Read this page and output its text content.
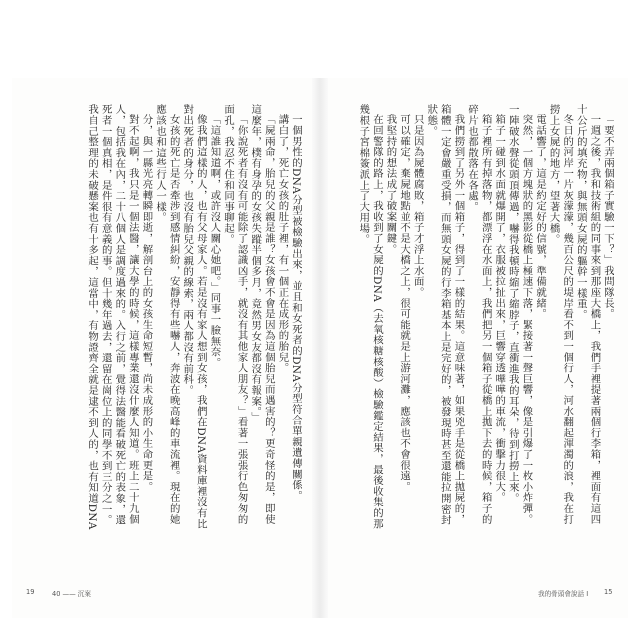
一個男性的DNA分型被檢驗出來，並且和女死者的DNA分型符合單親遺傳關係。

講白了，死亡女孩的肚子裡，有一個正在成形的胎兒。

「屍兩命，胎兒的父親是誰？女孩會不會是因為這個胎兒而遇害的？更奇怪的是，即使這麼年，樸有身孕的女孩失蹤半個多月，竟然男女友都沒有報案。」

「你說死者有沒有可能除了認識凶手，就沒有其他家人朋友？」看著一張張行色匆匆的面孔，我忍不住和同事聊起。

「這誰知道啊，或許沒人關心她吧。」同事一臉無奈。

像我們這樣的人，也有父母家人。若是沒有家人想到女孩，我們在DNA資料庫裡沒有比對出死者的身分，也沒有胎兒父親的線索，兩人都沒有前科。

女孩的死亡是否牽涉到感情糾紛，安靜得有些嚇人，奔波在晚高峰的車流裡。現在的她應該也和這些行人一樣。

分，與一縣光亮轉瞬即逝，解剖台上的女孩生命短暫，尚未成形的小生命更是。

對不起啊，我只是一個法醫，讓大學的時候，這樣專業還沒什麼人知道。班上二十九個人，包括我在內，二十八個人是調度過來的。入行之前，覺得法醫能看破死亡的表象，還死者一個真相，是件很有意義的事。但十幾年過去，還留在崗位上的同學不到三分之一。我自己整理的未破懸案也有十多起，這當中，有物證齊全就是逮不到人的，也有知道DNA

19	40 —— 沉案

「要不弄兩個箱子實驗一下？」我問隊長。

一週之後，我和技術組的同事來到那座大橋上，我們手裡提著兩個行李箱，裡面有這四十公斤的填充物，與無頭女屍的軀幹一樣重。

冬日的河岸一片灰濛濛，幾百公尺的堤岸看不到一個行人，河水翻起渾濁的浪，我在打撈上女屍的地方，望著大橋。

電話響了，這是約定好的信號，準備就緒。

突然，一個方塊狀的黑影從橋上極速下落，緊接著一聲巨響，像是引爆了一枚小炸彈。一陣破水聲從頭頂傳過，嚇得我頓時縮了縮脖子，直衝進我的耳朵，待到打撈上來。

箱子一碰到水面就爆開了，衣服被拉扯出來，巨響穿透嘩嘩的車流，衝擊力很大。

箱子裡所有掉落物，都漂浮在水面上，我們把另一個箱子從橋上拋下去的時候，箱子的碎片也都散落在各處。

我們撈到了另外一個箱子，得到了一樣的結果。這意味著，如果兇手是從橋上拋屍的，箱體一定會嚴重受損，而無頭女屍的行李箱基本上是完好的，被發現時甚至還能拉開密封狀態。

只是因為屍體腐敗，箱子才浮上水面。

可以確定，棄屍地點並不是大橋之上，很可能就是上游河灘，應該也不會很遠。

我堅持的想法成了破案關鍵。

在回警隊的路上，我收到了女屍的DNA（去氧核糖核酸）檢驗鑑定結果，最後收集的那幾根子宮棉簽派上了大用場。

我的骨頭會說話 I 15
